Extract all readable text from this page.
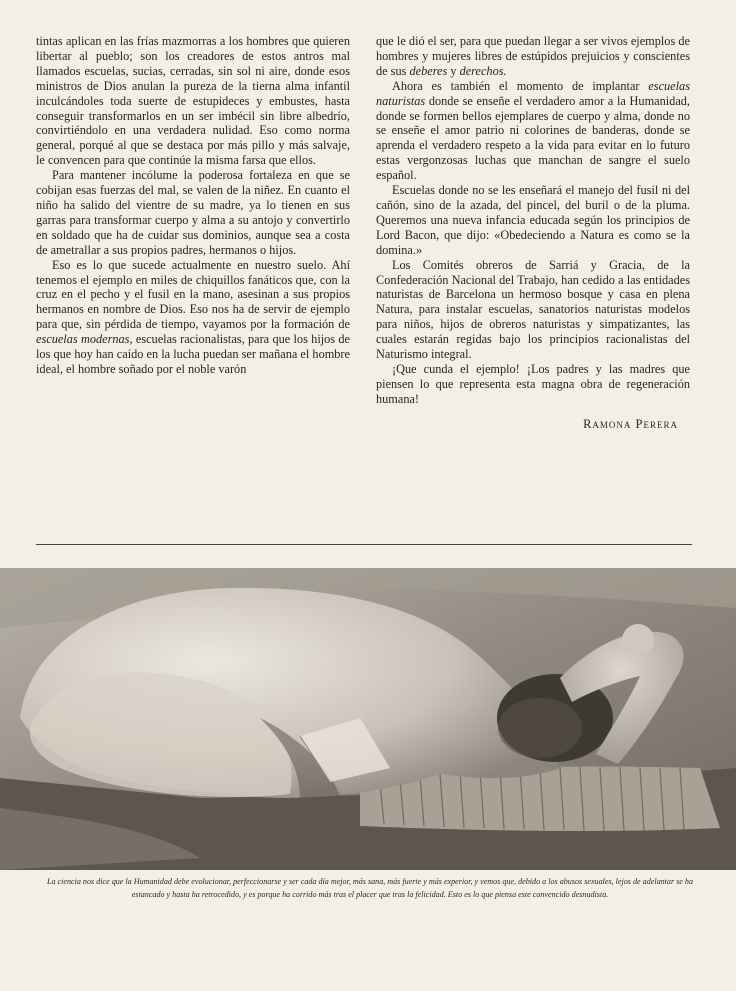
tintas aplican en las frías mazmorras a los hombres que quieren libertar al pueblo; son los creadores de estos antros mal llamados escuelas, sucias, cerradas, sin sol ni aire, donde esos ministros de Dios anulan la pureza de la tierna alma infantil inculcándoles toda suerte de estupideces y embustes, hasta conseguir transformarlos en un ser imbécil sin libre albedrío, convirtiéndolo en una verdadera nulidad. Eso como norma general, porqué al que se destaca por más pillo y más salvaje, le convencen para que continúe la misma farsa que ellos.

Para mantener incólume la poderosa fortaleza en que se cobijan esas fuerzas del mal, se valen de la niñez. En cuanto el niño ha salido del vientre de su madre, ya lo tienen en sus garras para transformar cuerpo y alma a su antojo y convertirlo en soldado que ha de cuidar sus dominios, aunque sea a costa de ametrallar a sus propios padres, hermanos o hijos.

Eso es lo que sucede actualmente en nuestro suelo. Ahí tenemos el ejemplo en miles de chiquillos fanáticos que, con la cruz en el pecho y el fusil en la mano, asesinan a sus propios hermanos en nombre de Dios. Eso nos ha de servir de ejemplo para que, sin pérdida de tiempo, vayamos por la formación de escuelas modernas, escuelas racionalistas, para que los hijos de los que hoy han caído en la lucha puedan ser mañana el hombre ideal, el hombre soñado por el noble varón

que le dió el ser, para que puedan llegar a ser vivos ejemplos de hombres y mujeres libres de estúpidos prejuicios y conscientes de sus deberes y derechos.

Ahora es también el momento de implantar escuelas naturistas donde se enseñe el verdadero amor a la Humanidad, donde se formen bellos ejemplares de cuerpo y alma, donde no se enseñe el amor patrio ni colorines de banderas, donde se aprenda el verdadero respeto a la vida para evitar en lo futuro estas vergonzosas luchas que manchan de sangre el suelo español.

Escuelas donde no se les enseñará el manejo del fusil ni del cañón, sino de la azada, del pincel, del buril o de la pluma. Queremos una nueva infancia educada según los principios de Lord Bacon, que dijo: «Obedeciendo a Natura es como se la domina.»

Los Comités obreros de Sarriá y Gracia, de la Confederación Nacional del Trabajo, han cedido a las entidades naturistas de Barcelona un hermoso bosque y casa en plena Natura, para instalar escuelas, sanatorios naturistas modelos para niños, hijos de obreros naturistas y simpatizantes, las cuales estarán regidas bajo los principios racionalistas del Naturismo integral.

¡Que cunda el ejemplo! ¡Los padres y las madres que piensen lo que representa esta magna obra de regeneración humana!

Ramona Perera
La ciencia nos dice que la Humanidad debe evolucionar, perfeccionarse y ser cada día mejor, más sana, más fuerte y más experior, y vemos que, debido a los abusos sexuales, lejos de adelantar se ha estancado y hasta ha retrocedido, y es porque ha corrido más tras el placer que tras la felicidad. Esto es lo que piensa este convencido desnudista.
